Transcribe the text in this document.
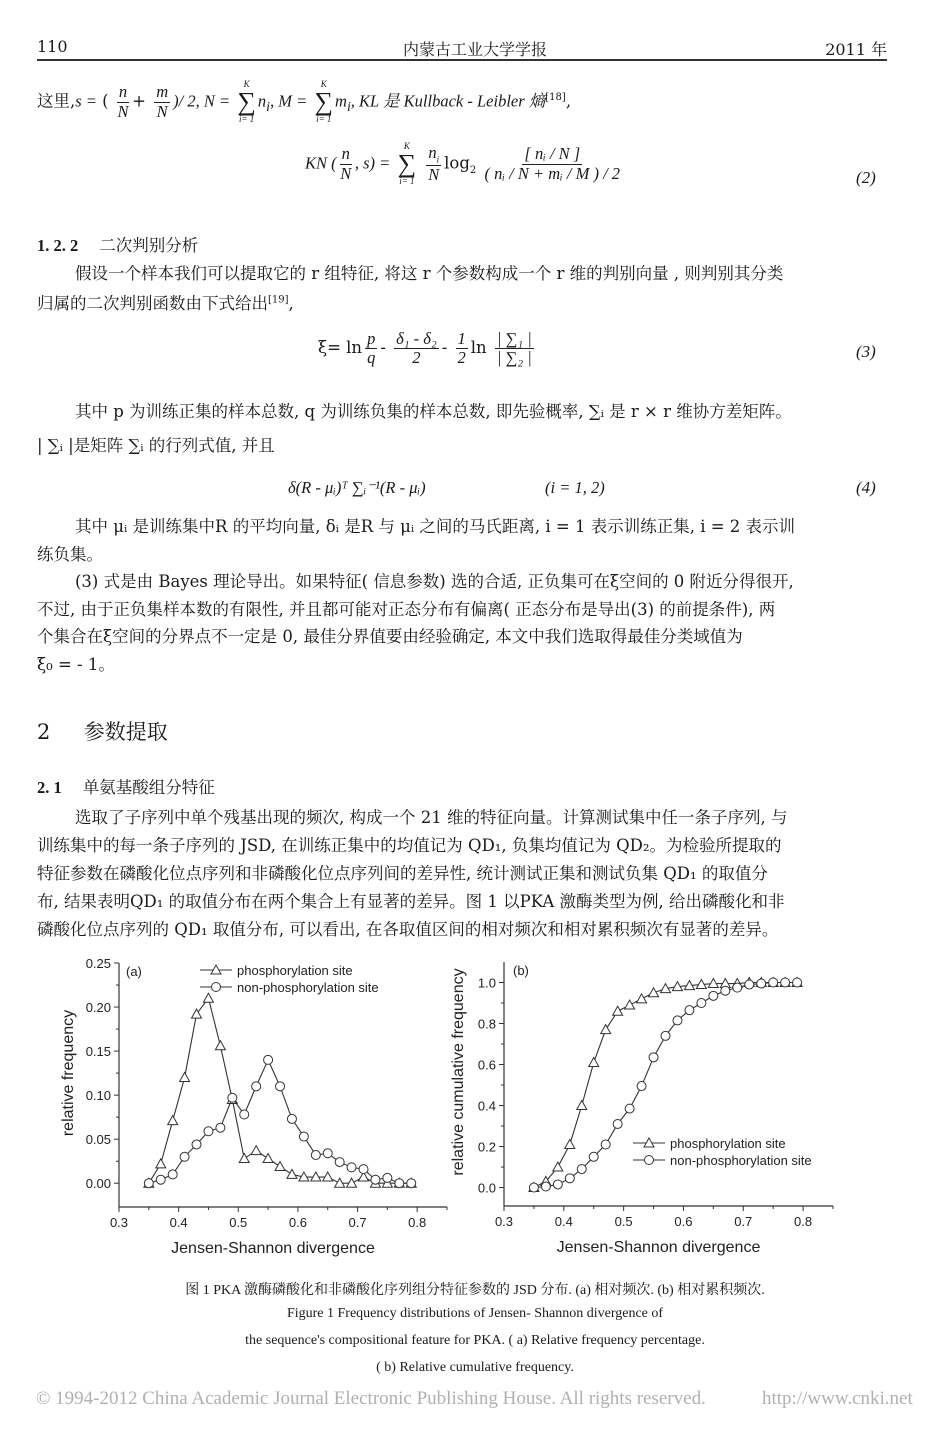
110	内蒙古工业大学学报	2011 年
这里,s = ( $\frac{n}{N} + \frac{m}{N}$ )/ 2, N =
K
∑
i= 1
$n_i$, M =
K
∑
i= 1
$m_i$, KL 是 Kullback - Leibler 熵[18],
KN ( $\frac{n}{N}$ , s) =
K
∑
i= 1
$\frac{n_i}{N} \log_2 \frac{\text{[ nᵢ / N ]}}{\text{( nᵢ / N + mᵢ / M ) / 2}}$	(2)
1. 2. 2 二次判别分析
假设一个样本我们可以提取它的 r 组特征, 将这 r 个参数构成一个 r 维的判别向量 , 则判别其分类
归属的二次判别函数由下式给出[19],
$\xi= \ln \frac{p}{q} - \frac{\text{δ₁ - δ₂}}{2} - \frac{1}{2}$ $\ln \frac{\text{| ∑₁ |}}{\text{| ∑₂ |}}$	(3)
其中 p 为训练正集的样本总数, q 为训练负集的样本总数, 即先验概率, ∑ᵢ 是 r × r 维协方差矩阵。
| ∑ᵢ |是矩阵 ∑ᵢ 的行列式值, 并且
δ(R - μᵢ)ᵀ ∑ᵢ⁻¹(R - μᵢ)	(i = 1, 2)	(4)
其中 μᵢ 是训练集中R 的平均向量, δᵢ 是R 与 μᵢ 之间的马氏距离, i = 1 表示训练正集, i = 2 表示训
练负集。
(3) 式是由 Bayes 理论导出。如果特征( 信息参数) 选的合适, 正负集可在ξ空间的 0 附近分得很开,
不过, 由于正负集样本数的有限性, 并且都可能对正态分布有偏离( 正态分布是导出(3) 的前提条件), 两
个集合在ξ空间的分界点不一定是 0, 最佳分界值要由经验确定, 本文中我们选取得最佳分类域值为
ξ₀ = - 1。
2 参数提取
2. 1 单氨基酸组分特征
选取了子序列中单个残基出现的频次, 构成一个 21 维的特征向量。计算测试集中任一条子序列, 与
训练集中的每一条子序列的 JSD, 在训练正集中的均值记为 QD₁, 负集均值记为 QD₂。为检验所提取的
特征参数在磷酸化位点序列和非磷酸化位点序列间的差异性, 统计测试正集和测试负集 QD₁ 的取值分
布, 结果表明QD₁ 的取值分布在两个集合上有显著的差异。图 1 以PKA 激酶类型为例, 给出磷酸化和非
磷酸化位点序列的 QD₁ 取值分布, 可以看出, 在各取值区间的相对频次和相对累积频次有显著的差异。
0.3	0.4	0.5	0.6	0.7	0.8
0.00
0.05
0.10
0.15
0.20
0.25
Jensen-Shannon divergence
relative frequency
(a)	phosphorylation site
non-phosphorylation site
0.3	0.4	0.5	0.6	0.7	0.8
0.0
0.2
0.4
0.6
0.8
1.0
Jensen-Shannon divergence
relative cumulative frequency	(b)
phosphorylation site
non-phosphorylation site
图 1 PKA 激酶磷酸化和非磷酸化序列组分特征参数的 JSD 分布. (a) 相对频次. (b) 相对累积频次.
Figure 1 Frequency distributions of Jensen- Shannon divergence of
the sequence's compositional feature for PKA. ( a) Relative frequency percentage.
( b) Relative cumulative frequency.
© 1994-2012 China Academic Journal Electronic Publishing House. All rights reserved.	http://www.cnki.net
